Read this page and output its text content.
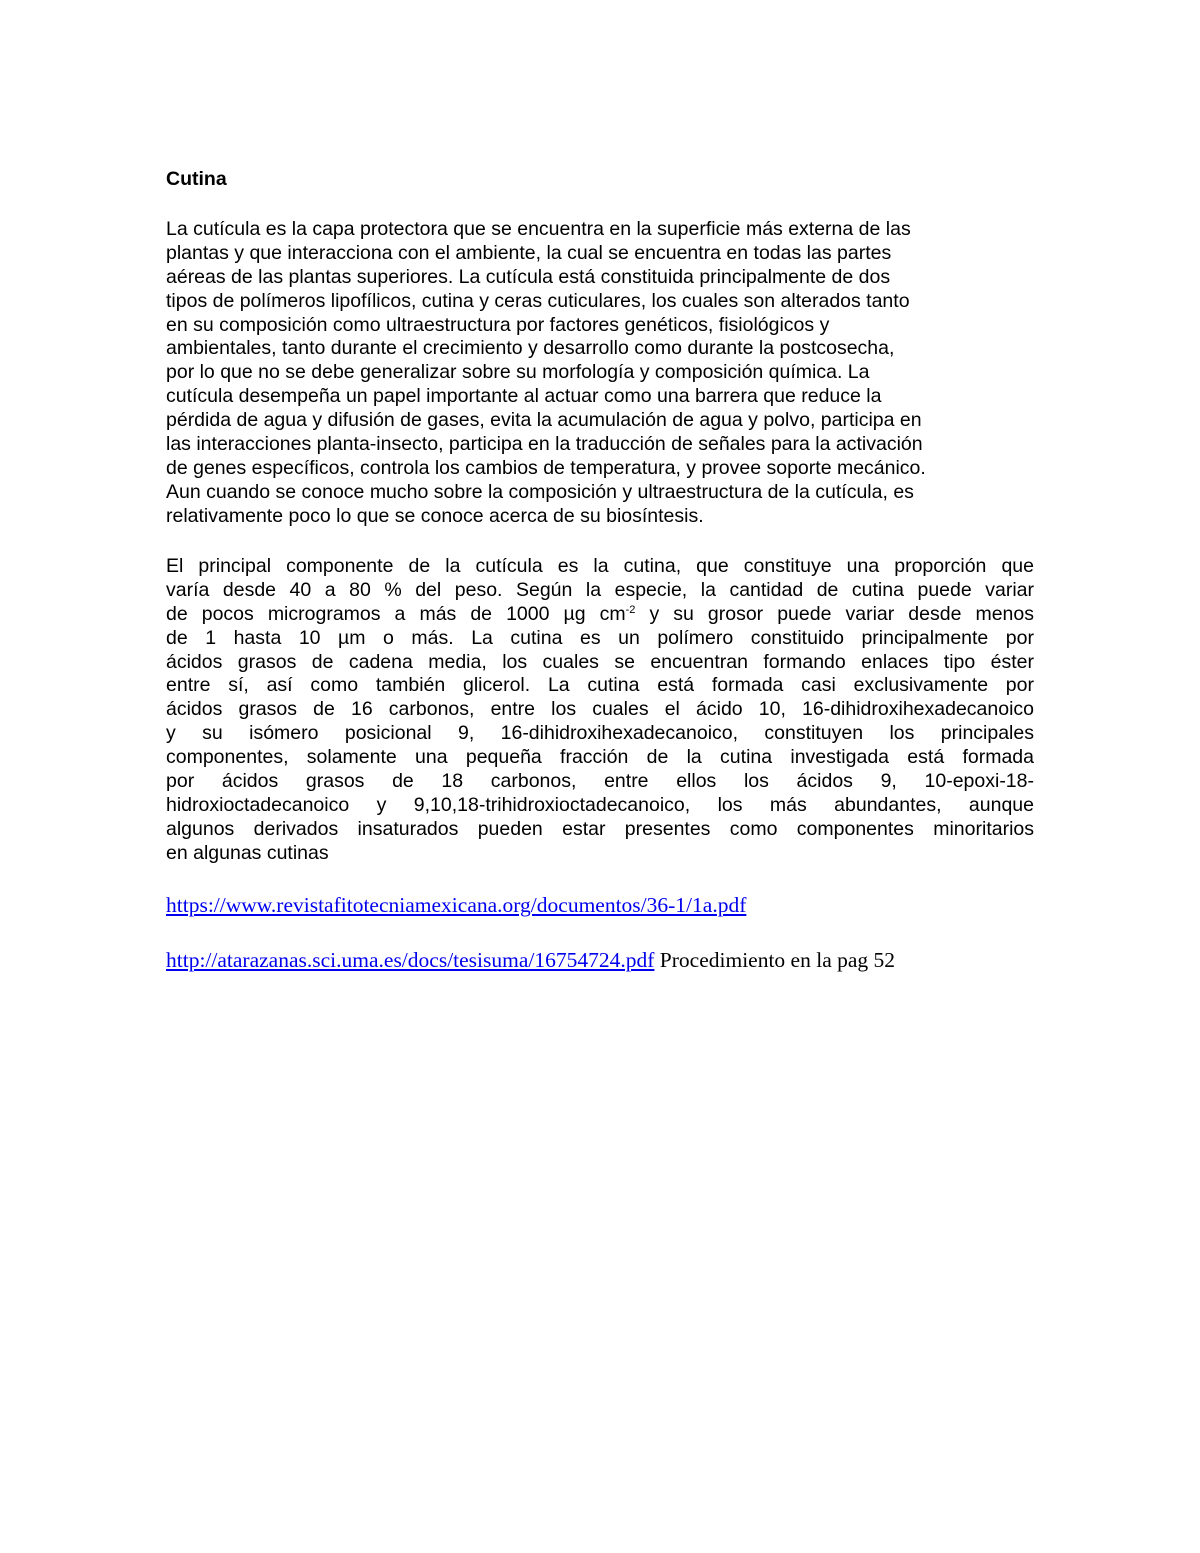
Cutina
La cutícula es la capa protectora que se encuentra en la superficie más externa de las
plantas y que interacciona con el ambiente, la cual se encuentra en todas las partes
aéreas de las plantas superiores. La cutícula está constituida principalmente de dos
tipos de polímeros lipofílicos, cutina y ceras cuticulares, los cuales son alterados tanto
en su composición como ultraestructura por factores genéticos, fisiológicos y
ambientales, tanto durante el crecimiento y desarrollo como durante la postcosecha,
por lo que no se debe generalizar sobre su morfología y composición química. La
cutícula desempeña un papel importante al actuar como una barrera que reduce la
pérdida de agua y difusión de gases, evita la acumulación de agua y polvo, participa en
las interacciones planta-insecto, participa en la traducción de señales para la activación
de genes específicos, controla los cambios de temperatura, y provee soporte mecánico.
Aun cuando se conoce mucho sobre la composición y ultraestructura de la cutícula, es
relativamente poco lo que se conoce acerca de su biosíntesis.
El principal componente de la cutícula es la cutina, que constituye una proporción que
varía desde 40 a 80 % del peso. Según la especie, la cantidad de cutina puede variar
de pocos microgramos a más de 1000 µg $cm^{-2}$ y su grosor puede variar desde menos
de 1 hasta 10 µm o más. La cutina es un polímero constituido principalmente por
ácidos grasos de cadena media, los cuales se encuentran formando enlaces tipo éster
entre sí, así como también glicerol. La cutina está formada casi exclusivamente por
ácidos grasos de 16 carbonos, entre los cuales el ácido 10, 16-dihidroxihexadecanoico
y su isómero posicional 9, 16-dihidroxihexadecanoico, constituyen los principales
componentes, solamente una pequeña fracción de la cutina investigada está formada
por ácidos grasos de 18 carbonos, entre ellos los ácidos 9, 10-epoxi-18-
hidroxioctadecanoico y 9,10,18-trihidroxioctadecanoico, los más abundantes, aunque
algunos derivados insaturados pueden estar presentes como componentes minoritarios
en algunas cutinas
https://www.revistafitotecniamexicana.org/documentos/36-1/1a.pdf
http://atarazanas.sci.uma.es/docs/tesisuma/16754724.pdf Procedimiento en la pag 52
